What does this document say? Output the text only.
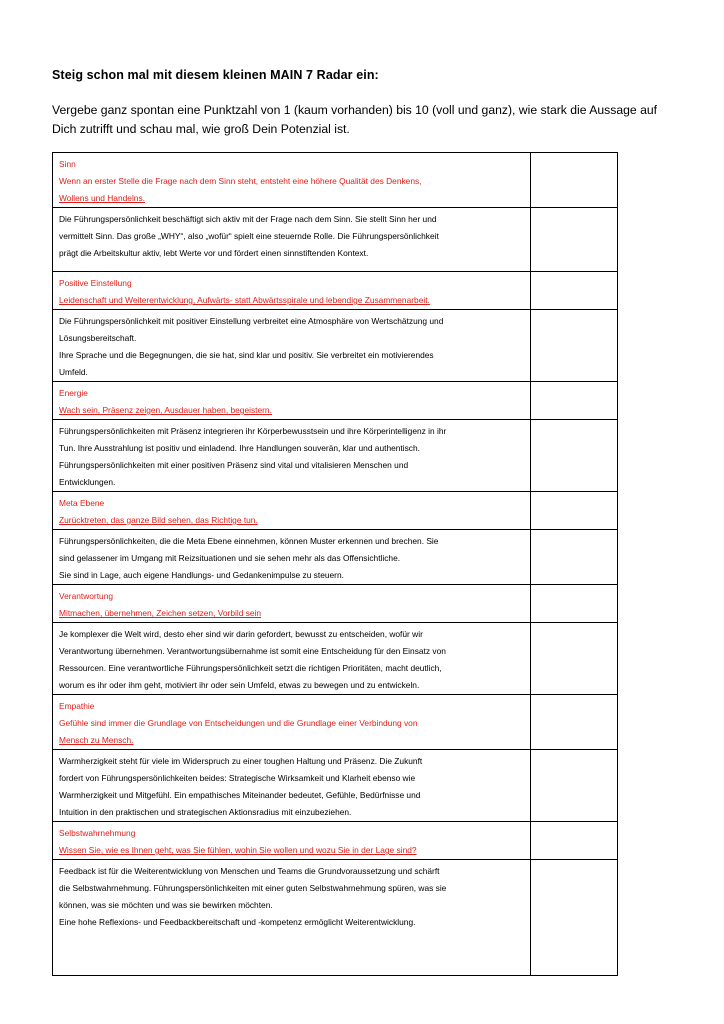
Steig schon mal mit diesem kleinen MAIN 7 Radar ein:
Vergebe ganz spontan eine Punktzahl von 1 (kaum vorhanden) bis 10 (voll und ganz), wie stark die Aussage auf Dich zutrifft und schau mal, wie groß Dein Potenzial ist.
Sinn
Wenn an erster Stelle die Frage nach dem Sinn steht, entsteht eine höhere Qualität des Denkens,
Wollens und Handelns.	

Die Führungspersönlichkeit beschäftigt sich aktiv mit der Frage nach dem Sinn. Sie stellt Sinn her und
vermittelt Sinn. Das große „WHY“, also „wofür“ spielt eine steuernde Rolle. Die Führungspersönlichkeit
prägt die Arbeitskultur aktiv, lebt Werte vor und fördert einen sinnstiftenden Kontext.	

Positive Einstellung
Leidenschaft und Weiterentwicklung, Aufwärts- statt Abwärtsspirale und lebendige Zusammenarbeit.	

Die Führungspersönlichkeit mit positiver Einstellung verbreitet eine Atmosphäre von Wertschätzung und
Lösungsbereitschaft.
Ihre Sprache und die Begegnungen, die sie hat, sind klar und positiv. Sie verbreitet ein motivierendes
Umfeld.	

Energie
Wach sein, Präsenz zeigen, Ausdauer haben, begeistern.	

Führungspersönlichkeiten mit Präsenz integrieren ihr Körperbewusstsein und ihre Körperintelligenz in ihr
Tun. Ihre Ausstrahlung ist positiv und einladend. Ihre Handlungen souverän, klar und authentisch.
Führungspersönlichkeiten mit einer positiven Präsenz sind vital und vitalisieren Menschen und
Entwicklungen.	

Meta Ebene
Zurücktreten, das ganze Bild sehen, das Richtige tun.	

Führungspersönlichkeiten, die die Meta Ebene einnehmen, können Muster erkennen und brechen. Sie
sind gelassener im Umgang mit Reizsituationen und sie sehen mehr als das Offensichtliche.
Sie sind in Lage, auch eigene Handlungs- und Gedankenimpulse zu steuern.	

Verantwortung
Mitmachen, übernehmen, Zeichen setzen, Vorbild sein	

Je komplexer die Welt wird, desto eher sind wir darin gefordert, bewusst zu entscheiden, wofür wir
Verantwortung übernehmen. Verantwortungsübernahme ist somit eine Entscheidung für den Einsatz von
Ressourcen. Eine verantwortliche Führungspersönlichkeit setzt die richtigen Prioritäten, macht deutlich,
worum es ihr oder ihm geht, motiviert ihr oder sein Umfeld, etwas zu bewegen und zu entwickeln.	

Empathie
Gefühle sind immer die Grundlage von Entscheidungen und die Grundlage einer Verbindung von
Mensch zu Mensch.	

Warmherzigkeit steht für viele im Widerspruch zu einer toughen Haltung und Präsenz. Die Zukunft
fordert von Führungspersönlichkeiten beides: Strategische Wirksamkeit und Klarheit ebenso wie
Warmherzigkeit und Mitgefühl. Ein empathisches Miteinander bedeutet, Gefühle, Bedürfnisse und
Intuition in den praktischen und strategischen Aktionsradius mit einzubeziehen.	

Selbstwahrnehmung
Wissen Sie, wie es Ihnen geht, was Sie fühlen, wohin Sie wollen und wozu Sie in der Lage sind?	

Feedback ist für die Weiterentwicklung von Menschen und Teams die Grundvoraussetzung und schärft
die Selbstwahrnehmung. Führungspersönlichkeiten mit einer guten Selbstwahrnehmung spüren, was sie
können, was sie möchten und was sie bewirken möchten.
Eine hohe Reflexions- und Feedbackbereitschaft und -kompetenz ermöglicht Weiterentwicklung.	
